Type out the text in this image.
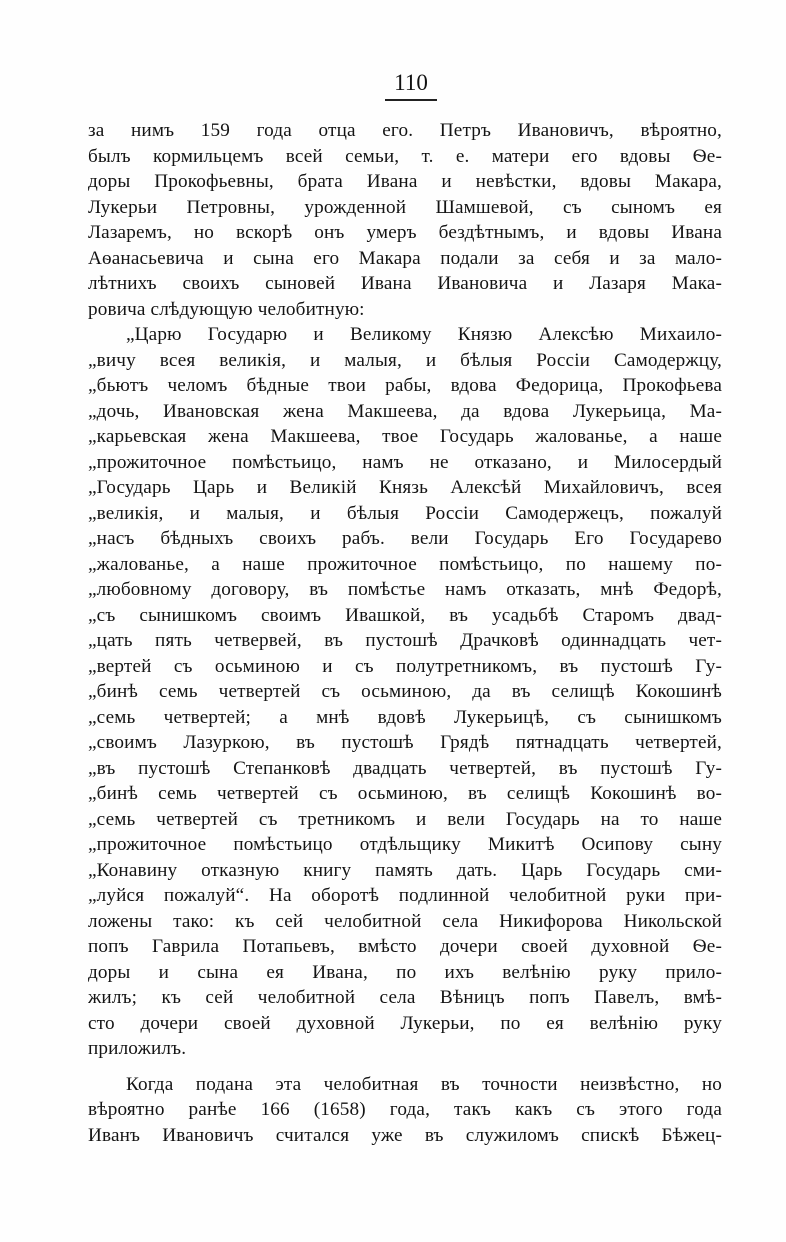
110
за нимъ 159 года отца его. Петръ Ивановичъ, вѣроятно,
былъ кормильцемъ всей семьи, т. е. матери его вдовы Ѳе-
доры Прокофьевны, брата Ивана и невѣстки, вдовы Макара,
Лукерьи Петровны, урожденной Шамшевой, съ сыномъ ея
Лазаремъ, но вскорѣ онъ умеръ бездѣтнымъ, и вдовы Ивана
Аѳанасьевича и сына его Макара подали за себя и за мало-
лѣтнихъ своихъ сыновей Ивана Ивановича и Лазаря Мака-
ровича слѣдующую челобитную:
„Царю Государю и Великому Князю Алексѣю Михаило-
„вичу всея великія, и малыя, и бѣлыя Россіи Самодержцу,
„бьютъ челомъ бѣдные твои рабы, вдова Федорица, Прокофьева
„дочь, Ивановская жена Макшеева, да вдова Лукерьица, Ма-
„карьевская жена Макшеева, твое Государь жалованье, а наше
„прожиточное помѣстьицо, намъ не отказано, и Милосердый
„Государь Царь и Великій Князь Алексѣй Михайловичъ, всея
„великія, и малыя, и бѣлыя Россіи Самодержецъ, пожалуй
„насъ бѣдныхъ своихъ рабъ. вели Государь Его Государево
„жалованье, а наше прожиточное помѣстьицо, по нашему по-
„любовному договору, въ помѣстье намъ отказать, мнѣ Федорѣ,
„съ сынишкомъ своимъ Ивашкой, въ усадьбѣ Старомъ двад-
„цать пять четвервей, въ пустошѣ Драчковѣ одиннадцать чет-
„вертей съ осьминою и съ полутретникомъ, въ пустошѣ Гу-
„бинѣ семь четвертей съ осьминою, да въ селищѣ Кокошинѣ
„семь четвертей; а мнѣ вдовѣ Лукерьицѣ, съ сынишкомъ
„своимъ Лазуркою, въ пустошѣ Грядѣ пятнадцать четвертей,
„въ пустошѣ Степанковѣ двадцать четвертей, въ пустошѣ Гу-
„бинѣ семь четвертей съ осьминою, въ селищѣ Кокошинѣ во-
„семь четвертей съ третникомъ и вели Государь на то наше
„прожиточное помѣстьицо отдѣльщику Микитѣ Осипову сыну
„Конавину отказную книгу память дать. Царь Государь сми-
„луйся пожалуй“. На оборотѣ подлинной челобитной руки при-
ложены тако: къ сей челобитной села Никифорова Никольской
попъ Гаврила Потапьевъ, вмѣсто дочери своей духовной Ѳе-
доры и сына ея Ивана, по ихъ велѣнію руку прило-
жилъ; къ сей челобитной села Вѣницъ попъ Павелъ, вмѣ-
сто дочери своей духовной Лукерьи, по ея велѣнію руку
приложилъ.
Когда подана эта челобитная въ точности неизвѣстно, но
вѣроятно ранѣе 166 (1658) года, такъ какъ съ этого года
Иванъ Ивановичъ считался уже въ служиломъ спискѣ Бѣжец-
